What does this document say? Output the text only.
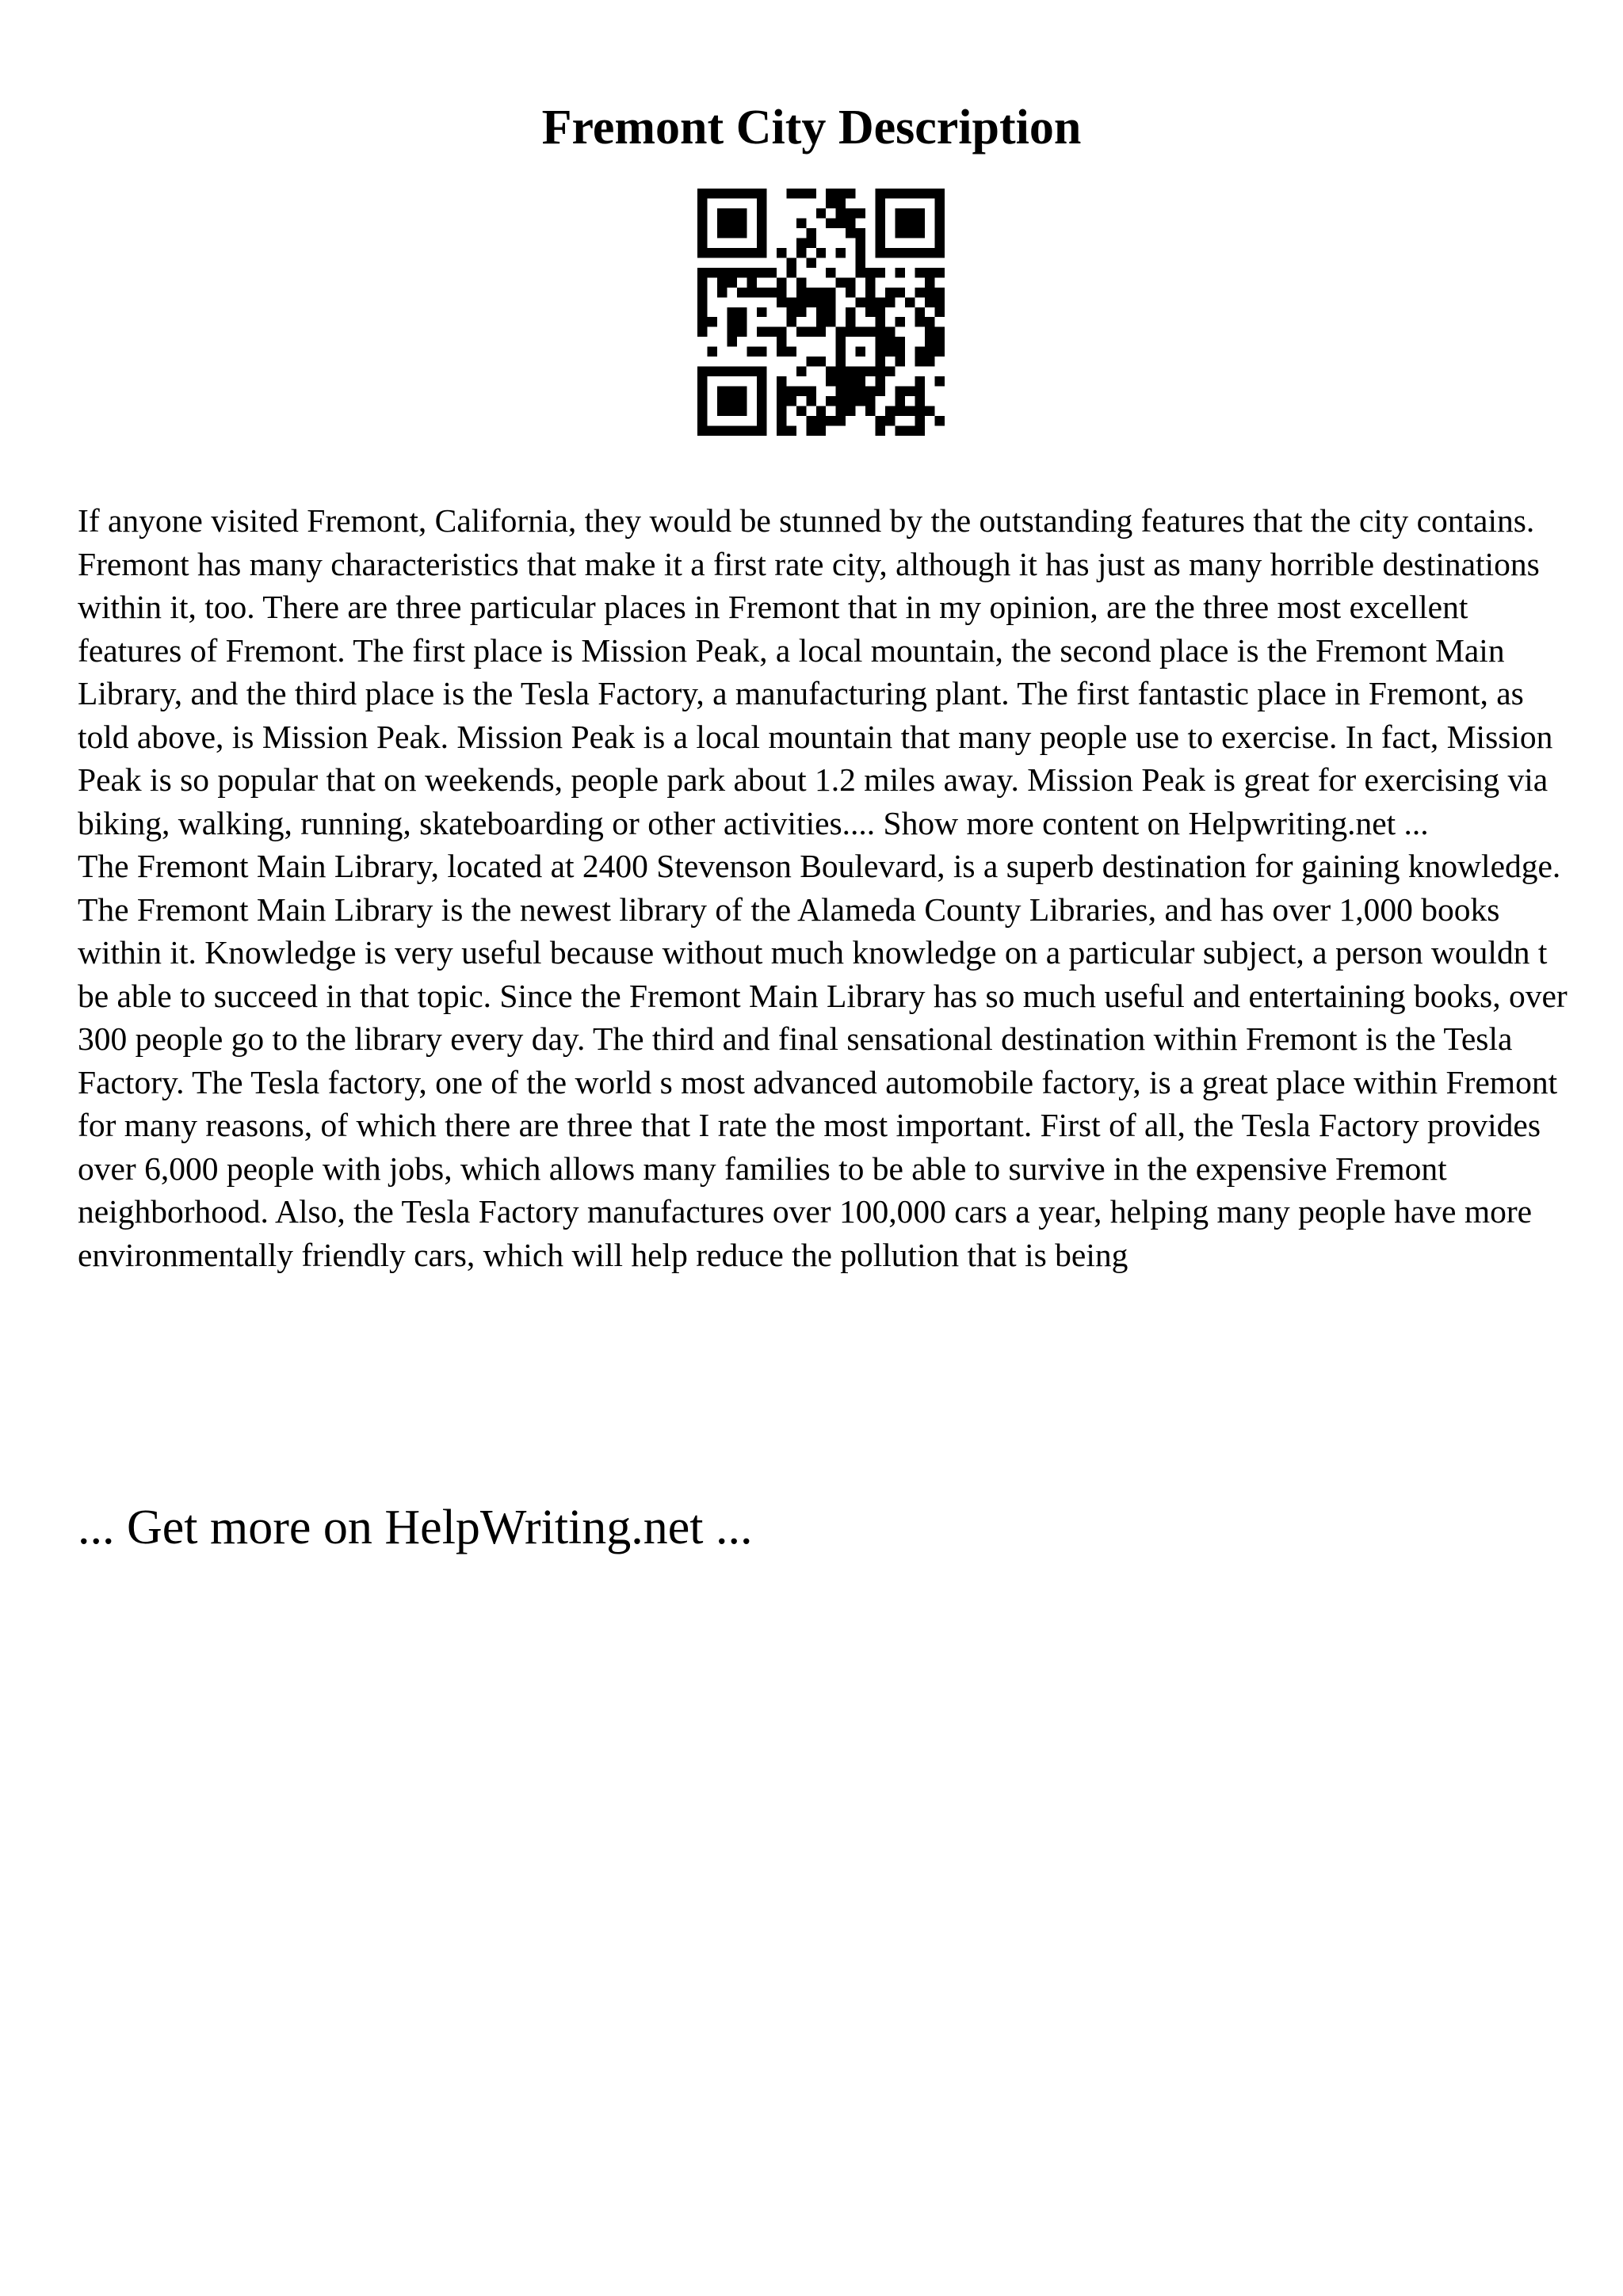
Fremont City Description

If anyone visited Fremont, California, they would be stunned by the outstanding features that the city contains. Fremont has many characteristics that make it a first rate city, although it has just as many horrible destinations within it, too. There are three particular places in Fremont that in my opinion, are the three most excellent features of Fremont. The first place is Mission Peak, a local mountain, the second place is the Fremont Main Library, and the third place is the Tesla Factory, a manufacturing plant. The first fantastic place in Fremont, as told above, is Mission Peak. Mission Peak is a local mountain that many people use to exercise. In fact, Mission Peak is so popular that on weekends, people park about 1.2 miles away. Mission Peak is great for exercising via biking, walking, running, skateboarding or other activities.... Show more content on Helpwriting.net ...

The Fremont Main Library, located at 2400 Stevenson Boulevard, is a superb destination for gaining knowledge. The Fremont Main Library is the newest library of the Alameda County Libraries, and has over 1,000 books within it. Knowledge is very useful because without much knowledge on a particular subject, a person wouldn t be able to succeed in that topic. Since the Fremont Main Library has so much useful and entertaining books, over 300 people go to the library every day. The third and final sensational destination within Fremont is the Tesla Factory. The Tesla factory, one of the world s most advanced automobile factory, is a great place within Fremont for many reasons, of which there are three that I rate the most important. First of all, the Tesla Factory provides over 6,000 people with jobs, which allows many families to be able to survive in the expensive Fremont neighborhood. Also, the Tesla Factory manufactures over 100,000 cars a year, helping many people have more environmentally friendly cars, which will help reduce the pollution that is being

... Get more on HelpWriting.net ...
